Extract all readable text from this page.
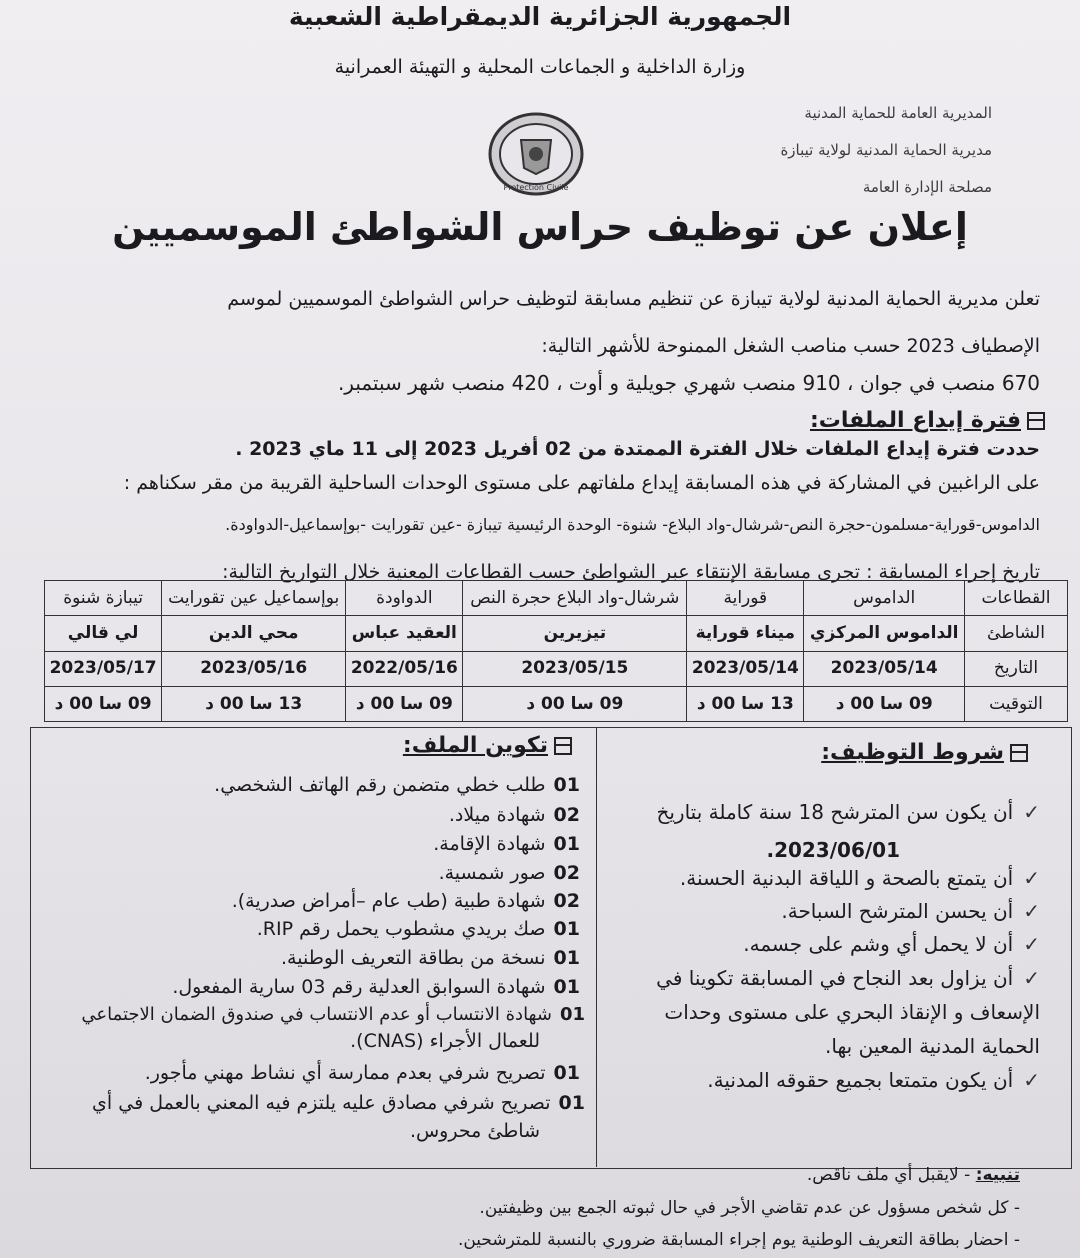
الجمهورية الجزائرية الديمقراطية الشعبية
وزارة الداخلية و الجماعات المحلية و التهيئة العمرانية
المديرية العامة للحماية المدنية
مديرية الحماية المدنية لولاية تيبازة
مصلحة الإدارة العامة
Protection Civile
إعلان عن توظيف حراس الشواطئ الموسميين
تعلن مديرية الحماية المدنية لولاية تيبازة عن تنظيم مسابقة لتوظيف حراس الشواطئ الموسميين لموسم
الإصطياف 2023 حسب مناصب الشغل الممنوحة للأشهر التالية:
670 منصب في جوان ، 910 منصب شهري جويلية و أوت ، 420 منصب شهر سبتمبر.
فترة إيداع الملفات:
حددت فترة إيداع الملفات خلال الفترة الممتدة من 02 أفريل 2023 إلى 11 ماي 2023 .
على الراغبين في المشاركة في هذه المسابقة إيداع ملفاتهم على مستوى الوحدات الساحلية القريبة من مقر سكناهم :
الداموس-قوراية-مسلمون-حجرة النص-شرشال-واد البلاع- شنوة- الوحدة الرئيسية تيبازة -عين تقورايت -بوإسماعيل-الدواودة.
تاريخ إجراء المسابقة : تجرى مسابقة الإنتقاء عبر الشواطئ حسب القطاعات المعنية خلال التواريخ التالية:
القطاعات	الداموس	قوراية	شرشال-واد البلاع حجرة النص	الدواودة	بوإسماعيل عين تقورايت	تيبازة شنوة
الشاطئ	الداموس المركزي	ميناء قوراية	تيزيرين	العقيد عباس	محي الدين	لي قالي
التاريخ	2023/05/14	2023/05/14	2023/05/15	2022/05/16	2023/05/16	2023/05/17
التوقيت	09 سا 00 د	13 سا 00 د	09 سا 00 د	09 سا 00 د	13 سا 00 د	09 سا 00 د
شروط التوظيف:
تكوين الملف:
✓أن يكون سن المترشح 18 سنة كاملة بتاريخ
2023/06/01.
✓أن يتمتع بالصحة و اللياقة البدنية الحسنة.
✓أن يحسن المترشح السباحة.
✓أن لا يحمل أي وشم على جسمه.
✓أن يزاول بعد النجاح في المسابقة تكوينا في
الإسعاف و الإنقاذ البحري على مستوى وحدات
الحماية المدنية المعين بها.
✓أن يكون متمتعا بجميع حقوقه المدنية.
01طلب خطي متضمن رقم الهاتف الشخصي.
02شهادة ميلاد.
01شهادة الإقامة.
02صور شمسية.
02شهادة طبية (طب عام –أمراض صدرية).
01صك بريدي مشطوب يحمل رقم RIP.
01نسخة من بطاقة التعريف الوطنية.
01شهادة السوابق العدلية رقم 03 سارية المفعول.
01شهادة الانتساب أو عدم الانتساب في صندوق الضمان الاجتماعي
للعمال الأجراء (CNAS).
01تصريح شرفي بعدم ممارسة أي نشاط مهني مأجور.
01تصريح شرفي مصادق عليه يلتزم فيه المعني بالعمل في أي
شاطئ محروس.
تنبيه: - لايقبل أي ملف ناقص.
- كل شخص مسؤول عن عدم تقاضي الأجر في حال ثبوته الجمع بين وظيفتين.
- احضار بطاقة التعريف الوطنية يوم إجراء المسابقة ضروري بالنسبة للمترشحين.
